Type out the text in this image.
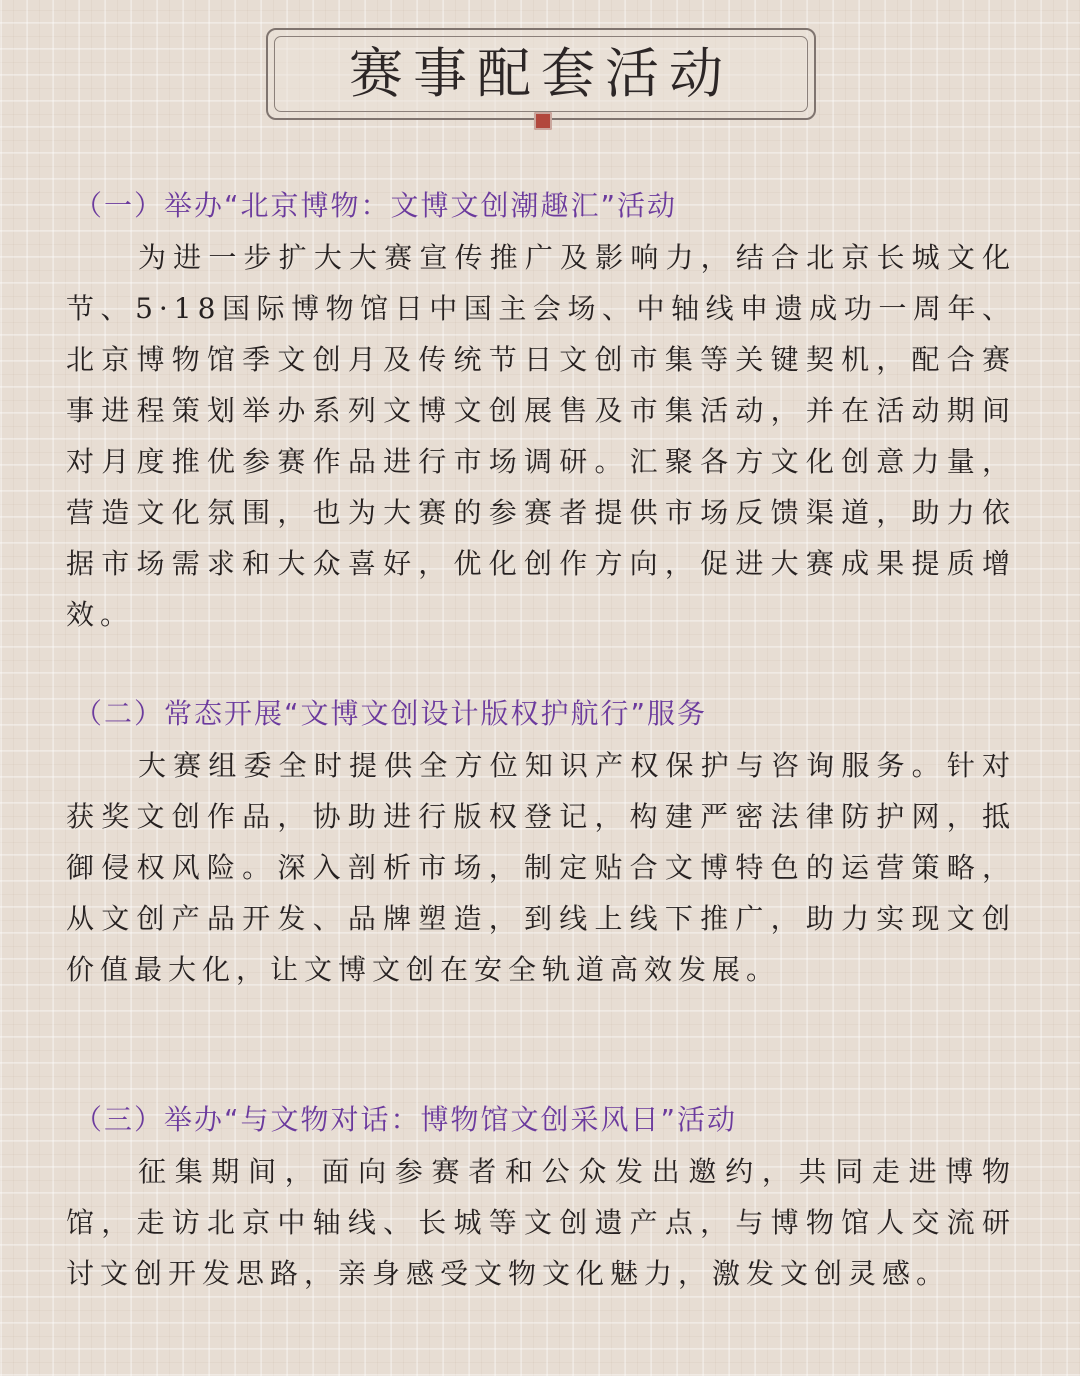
赛事配套活动
（一）举办“北京博物：文博文创潮趣汇”活动
为进一步扩大大赛宣传推广及影响力，结合北京长城文化节、5·18国际博物馆日中国主会场、中轴线申遗成功一周年、北京博物馆季文创月及传统节日文创市集等关键契机，配合赛事进程策划举办系列文博文创展售及市集活动，并在活动期间对月度推优参赛作品进行市场调研。汇聚各方文化创意力量，营造文化氛围，也为大赛的参赛者提供市场反馈渠道，助力依据市场需求和大众喜好，优化创作方向，促进大赛成果提质增效。
（二）常态开展“文博文创设计版权护航行”服务
大赛组委全时提供全方位知识产权保护与咨询服务。针对获奖文创作品，协助进行版权登记，构建严密法律防护网，抵御侵权风险。深入剖析市场，制定贴合文博特色的运营策略，从文创产品开发、品牌塑造，到线上线下推广，助力实现文创价值最大化，让文博文创在安全轨道高效发展。
（三）举办“与文物对话：博物馆文创采风日”活动
征集期间，面向参赛者和公众发出邀约，共同走进博物馆，走访北京中轴线、长城等文创遗产点，与博物馆人交流研讨文创开发思路，亲身感受文物文化魅力，激发文创灵感。
